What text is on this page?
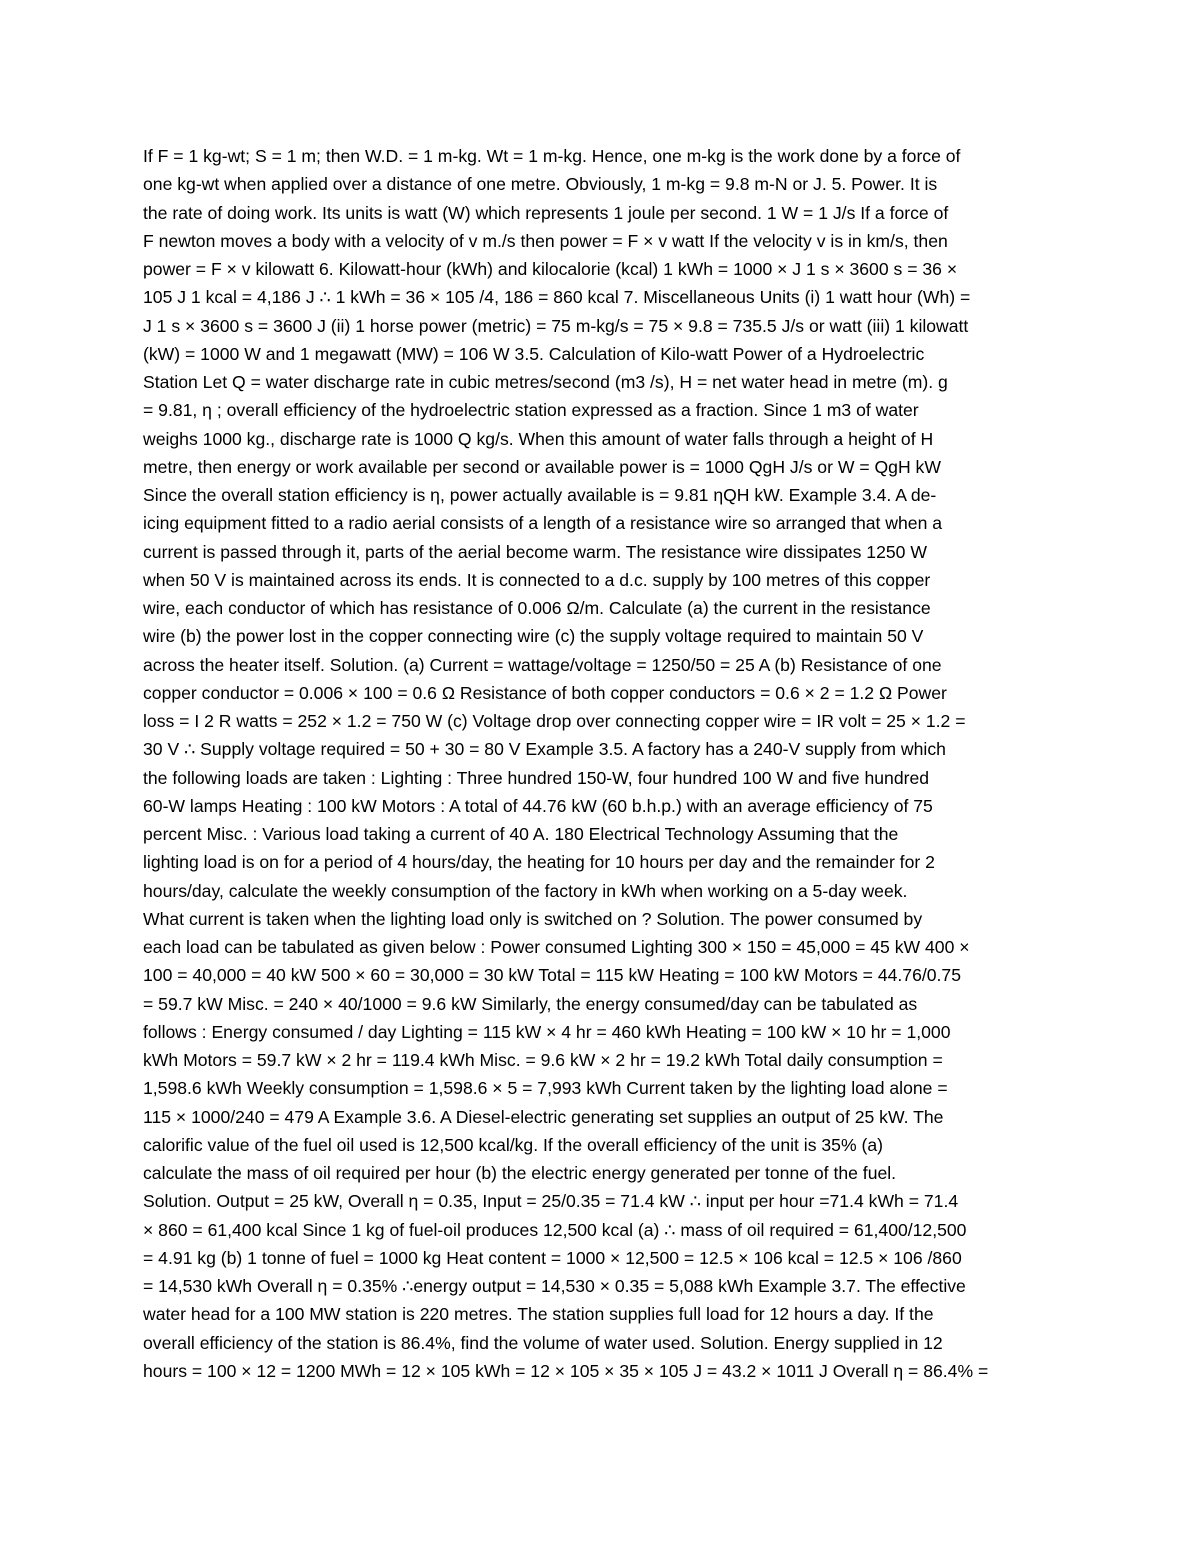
If F = 1 kg-wt; S = 1 m; then W.D. = 1 m-kg. Wt = 1 m-kg. Hence, one m-kg is the work done by a force of
one kg-wt when applied over a distance of one metre. Obviously, 1 m-kg = 9.8 m-N or J. 5. Power. It is
the rate of doing work. Its units is watt (W) which represents 1 joule per second. 1 W = 1 J/s If a force of
F newton moves a body with a velocity of v m./s then power = F × v watt If the velocity v is in km/s, then
power = F × v kilowatt 6. Kilowatt-hour (kWh) and kilocalorie (kcal) 1 kWh = 1000 × J 1 s × 3600 s = 36 ×
105 J 1 kcal = 4,186 J ∴ 1 kWh = 36 × 105 /4, 186 = 860 kcal 7. Miscellaneous Units (i) 1 watt hour (Wh) =
J 1 s × 3600 s = 3600 J (ii) 1 horse power (metric) = 75 m-kg/s = 75 × 9.8 = 735.5 J/s or watt (iii) 1 kilowatt
(kW) = 1000 W and 1 megawatt (MW) = 106 W 3.5. Calculation of Kilo-watt Power of a Hydroelectric
Station Let Q = water discharge rate in cubic metres/second (m3 /s), H = net water head in metre (m). g
= 9.81, η ; overall efficiency of the hydroelectric station expressed as a fraction. Since 1 m3 of water
weighs 1000 kg., discharge rate is 1000 Q kg/s. When this amount of water falls through a height of H
metre, then energy or work available per second or available power is = 1000 QgH J/s or W = QgH kW
Since the overall station efficiency is η, power actually available is = 9.81 ηQH kW. Example 3.4. A de-
icing equipment fitted to a radio aerial consists of a length of a resistance wire so arranged that when a
current is passed through it, parts of the aerial become warm. The resistance wire dissipates 1250 W
when 50 V is maintained across its ends. It is connected to a d.c. supply by 100 metres of this copper
wire, each conductor of which has resistance of 0.006 Ω/m. Calculate (a) the current in the resistance
wire (b) the power lost in the copper connecting wire (c) the supply voltage required to maintain 50 V
across the heater itself. Solution. (a) Current = wattage/voltage = 1250/50 = 25 A (b) Resistance of one
copper conductor = 0.006 × 100 = 0.6 Ω Resistance of both copper conductors = 0.6 × 2 = 1.2 Ω Power
loss = I 2 R watts = 252 × 1.2 = 750 W (c) Voltage drop over connecting copper wire = IR volt = 25 × 1.2 =
30 V ∴ Supply voltage required = 50 + 30 = 80 V Example 3.5. A factory has a 240-V supply from which
the following loads are taken : Lighting : Three hundred 150-W, four hundred 100 W and five hundred
60-W lamps Heating : 100 kW Motors : A total of 44.76 kW (60 b.h.p.) with an average efficiency of 75
percent Misc. : Various load taking a current of 40 A. 180 Electrical Technology Assuming that the
lighting load is on for a period of 4 hours/day, the heating for 10 hours per day and the remainder for 2
hours/day, calculate the weekly consumption of the factory in kWh when working on a 5-day week.
What current is taken when the lighting load only is switched on ? Solution. The power consumed by
each load can be tabulated as given below : Power consumed Lighting 300 × 150 = 45,000 = 45 kW 400 ×
100 = 40,000 = 40 kW 500 × 60 = 30,000 = 30 kW Total = 115 kW Heating = 100 kW Motors = 44.76/0.75
= 59.7 kW Misc. = 240 × 40/1000 = 9.6 kW Similarly, the energy consumed/day can be tabulated as
follows : Energy consumed / day Lighting = 115 kW × 4 hr = 460 kWh Heating = 100 kW × 10 hr = 1,000
kWh Motors = 59.7 kW × 2 hr = 119.4 kWh Misc. = 9.6 kW × 2 hr = 19.2 kWh Total daily consumption =
1,598.6 kWh Weekly consumption = 1,598.6 × 5 = 7,993 kWh Current taken by the lighting load alone =
115 × 1000/240 = 479 A Example 3.6. A Diesel-electric generating set supplies an output of 25 kW. The
calorific value of the fuel oil used is 12,500 kcal/kg. If the overall efficiency of the unit is 35% (a)
calculate the mass of oil required per hour (b) the electric energy generated per tonne of the fuel.
Solution. Output = 25 kW, Overall η = 0.35, Input = 25/0.35 = 71.4 kW ∴ input per hour =71.4 kWh = 71.4
× 860 = 61,400 kcal Since 1 kg of fuel-oil produces 12,500 kcal (a) ∴ mass of oil required = 61,400/12,500
= 4.91 kg (b) 1 tonne of fuel = 1000 kg Heat content = 1000 × 12,500 = 12.5 × 106 kcal = 12.5 × 106 /860
= 14,530 kWh Overall η = 0.35% ∴energy output = 14,530 × 0.35 = 5,088 kWh Example 3.7. The effective
water head for a 100 MW station is 220 metres. The station supplies full load for 12 hours a day. If the
overall efficiency of the station is 86.4%, find the volume of water used. Solution. Energy supplied in 12
hours = 100 × 12 = 1200 MWh = 12 × 105 kWh = 12 × 105 × 35 × 105 J = 43.2 × 1011 J Overall η = 86.4% =
